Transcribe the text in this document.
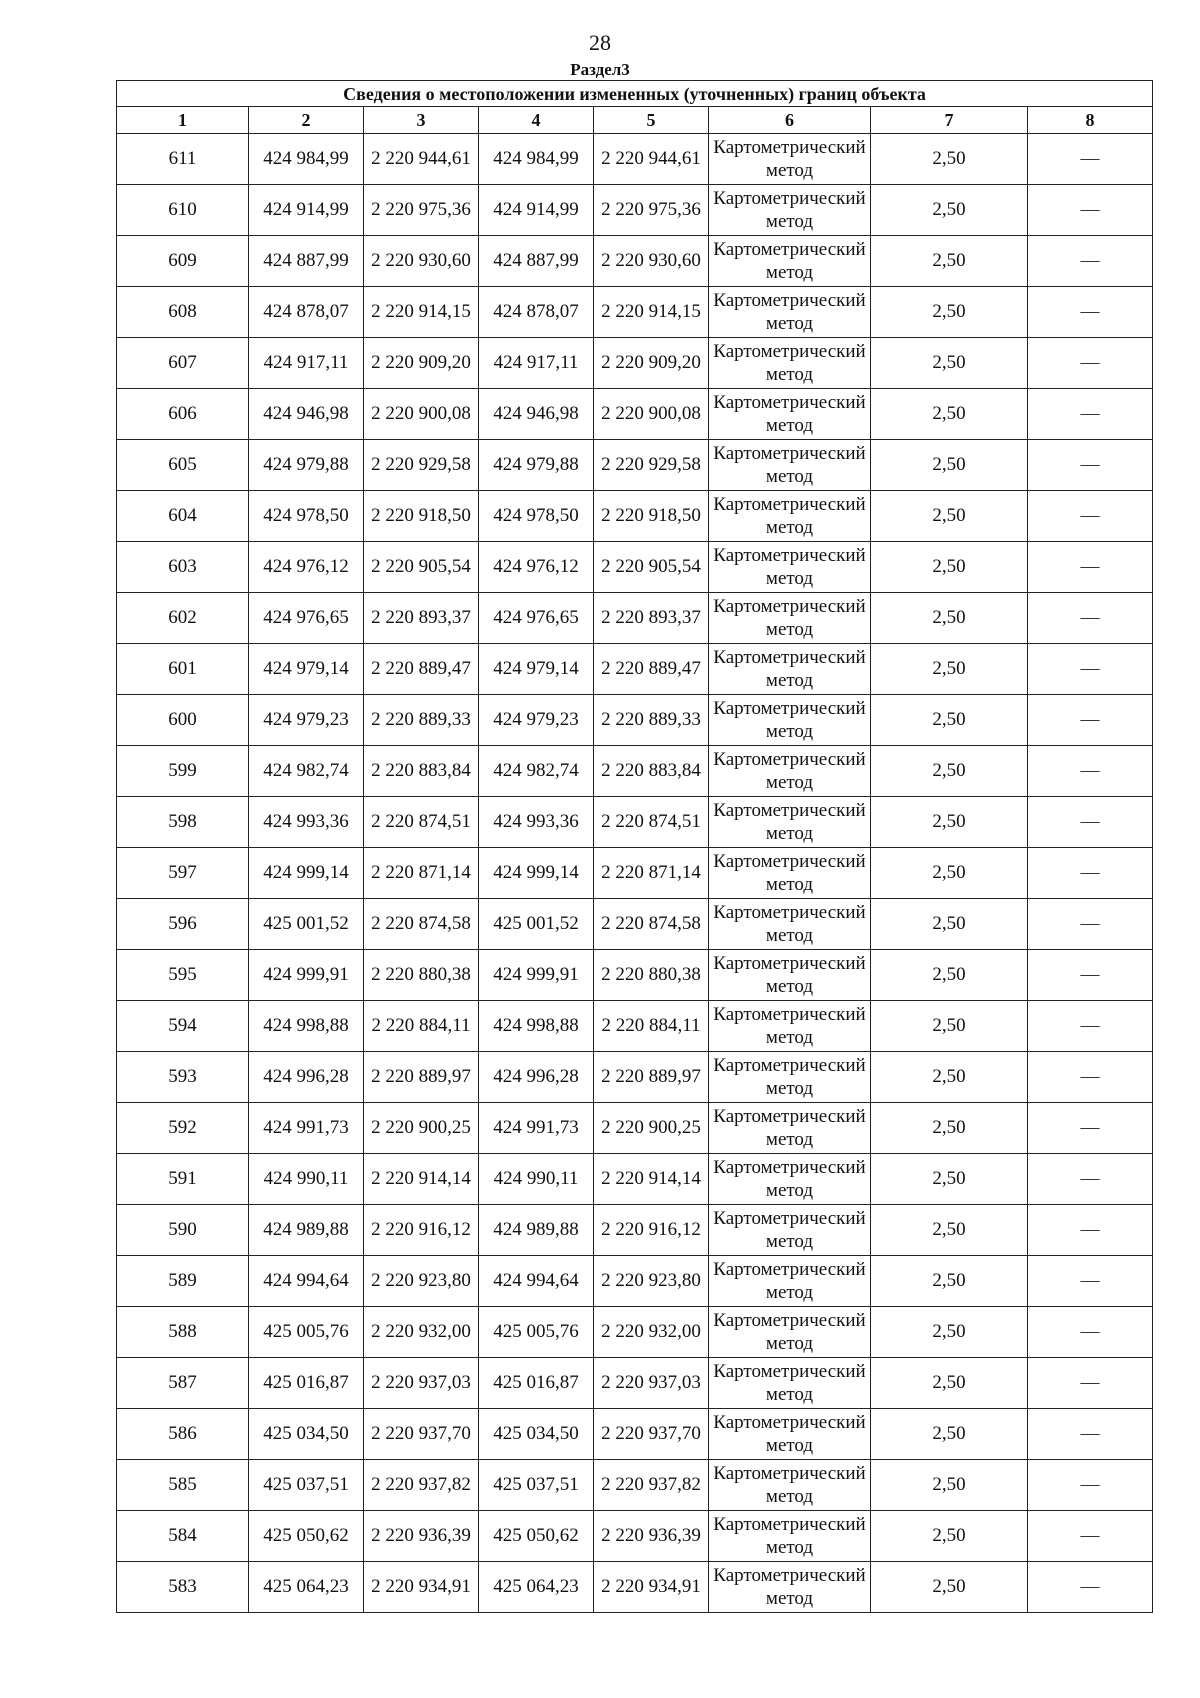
28
Раздел3
Сведения о местоположении измененных (уточненных) границ объекта							
1	2	3	4	5	6	7	8
611	424 984,99	2 220 944,61	424 984,99	2 220 944,61	Картометрический метод	2,50	—
610	424 914,99	2 220 975,36	424 914,99	2 220 975,36	Картометрический метод	2,50	—
609	424 887,99	2 220 930,60	424 887,99	2 220 930,60	Картометрический метод	2,50	—
608	424 878,07	2 220 914,15	424 878,07	2 220 914,15	Картометрический метод	2,50	—
607	424 917,11	2 220 909,20	424 917,11	2 220 909,20	Картометрический метод	2,50	—
606	424 946,98	2 220 900,08	424 946,98	2 220 900,08	Картометрический метод	2,50	—
605	424 979,88	2 220 929,58	424 979,88	2 220 929,58	Картометрический метод	2,50	—
604	424 978,50	2 220 918,50	424 978,50	2 220 918,50	Картометрический метод	2,50	—
603	424 976,12	2 220 905,54	424 976,12	2 220 905,54	Картометрический метод	2,50	—
602	424 976,65	2 220 893,37	424 976,65	2 220 893,37	Картометрический метод	2,50	—
601	424 979,14	2 220 889,47	424 979,14	2 220 889,47	Картометрический метод	2,50	—
600	424 979,23	2 220 889,33	424 979,23	2 220 889,33	Картометрический метод	2,50	—
599	424 982,74	2 220 883,84	424 982,74	2 220 883,84	Картометрический метод	2,50	—
598	424 993,36	2 220 874,51	424 993,36	2 220 874,51	Картометрический метод	2,50	—
597	424 999,14	2 220 871,14	424 999,14	2 220 871,14	Картометрический метод	2,50	—
596	425 001,52	2 220 874,58	425 001,52	2 220 874,58	Картометрический метод	2,50	—
595	424 999,91	2 220 880,38	424 999,91	2 220 880,38	Картометрический метод	2,50	—
594	424 998,88	2 220 884,11	424 998,88	2 220 884,11	Картометрический метод	2,50	—
593	424 996,28	2 220 889,97	424 996,28	2 220 889,97	Картометрический метод	2,50	—
592	424 991,73	2 220 900,25	424 991,73	2 220 900,25	Картометрический метод	2,50	—
591	424 990,11	2 220 914,14	424 990,11	2 220 914,14	Картометрический метод	2,50	—
590	424 989,88	2 220 916,12	424 989,88	2 220 916,12	Картометрический метод	2,50	—
589	424 994,64	2 220 923,80	424 994,64	2 220 923,80	Картометрический метод	2,50	—
588	425 005,76	2 220 932,00	425 005,76	2 220 932,00	Картометрический метод	2,50	—
587	425 016,87	2 220 937,03	425 016,87	2 220 937,03	Картометрический метод	2,50	—
586	425 034,50	2 220 937,70	425 034,50	2 220 937,70	Картометрический метод	2,50	—
585	425 037,51	2 220 937,82	425 037,51	2 220 937,82	Картометрический метод	2,50	—
584	425 050,62	2 220 936,39	425 050,62	2 220 936,39	Картометрический метод	2,50	—
583	425 064,23	2 220 934,91	425 064,23	2 220 934,91	Картометрический метод	2,50	—
